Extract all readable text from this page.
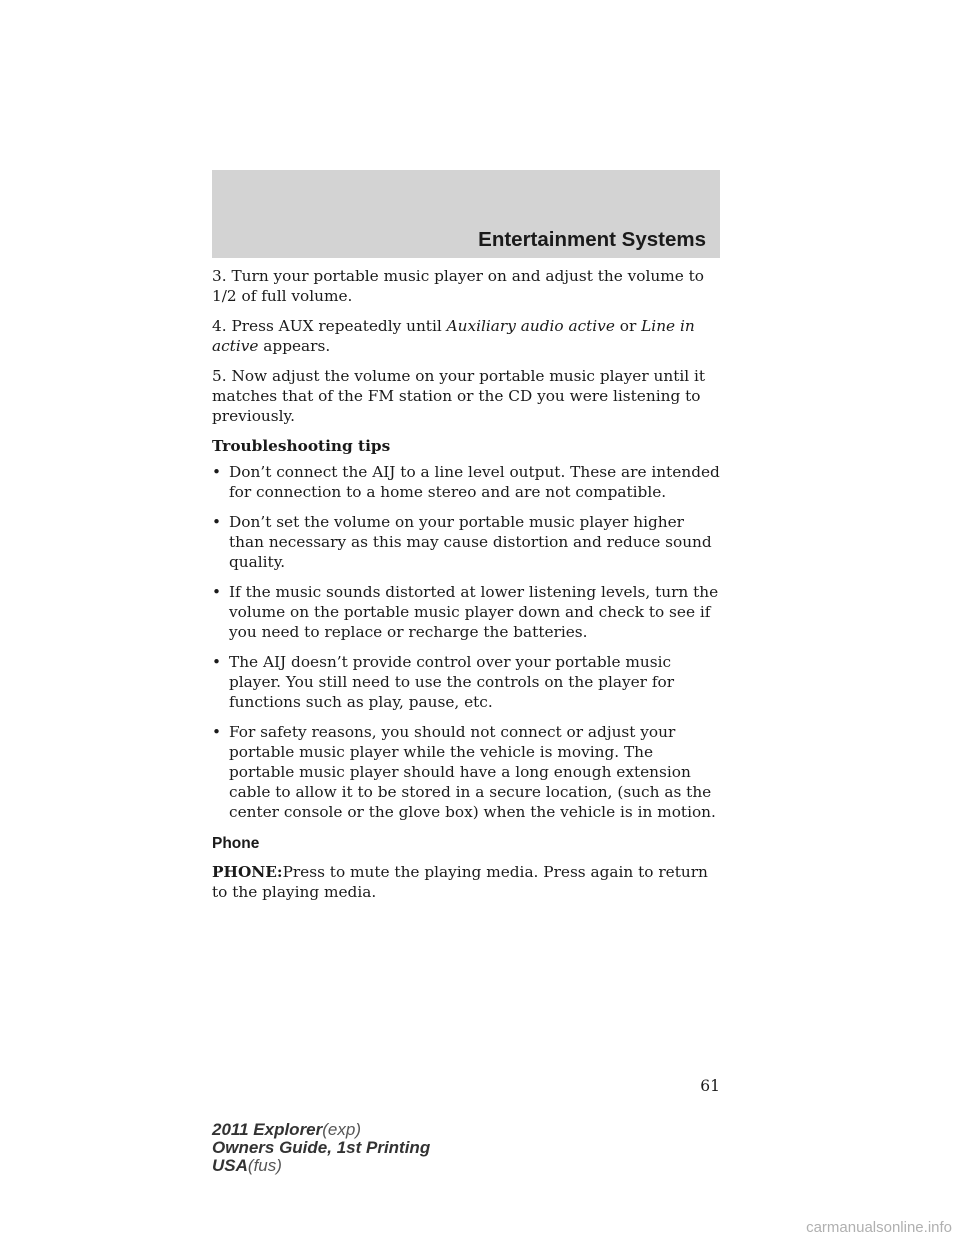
Entertainment Systems

3. Turn your portable music player on and adjust the volume to 1/2 of full volume.

4. Press AUX repeatedly until Auxiliary audio active or Line in active appears.

5. Now adjust the volume on your portable music player until it matches that of the FM station or the CD you were listening to previously.

Troubleshooting tips

• Don’t connect the AIJ to a line level output. These are intended for connection to a home stereo and are not compatible.
• Don’t set the volume on your portable music player higher than necessary as this may cause distortion and reduce sound quality.
• If the music sounds distorted at lower listening levels, turn the volume on the portable music player down and check to see if you need to replace or recharge the batteries.
• The AIJ doesn’t provide control over your portable music player. You still need to use the controls on the player for functions such as play, pause, etc.
• For safety reasons, you should not connect or adjust your portable music player while the vehicle is moving. The portable music player should have a long enough extension cable to allow it to be stored in a secure location, (such as the center console or the glove box) when the vehicle is in motion.

Phone

PHONE:Press to mute the playing media. Press again to return to the playing media.

61
2011 Explorer(exp)
Owners Guide, 1st Printing
USA(fus)
carmanualsonline.info
